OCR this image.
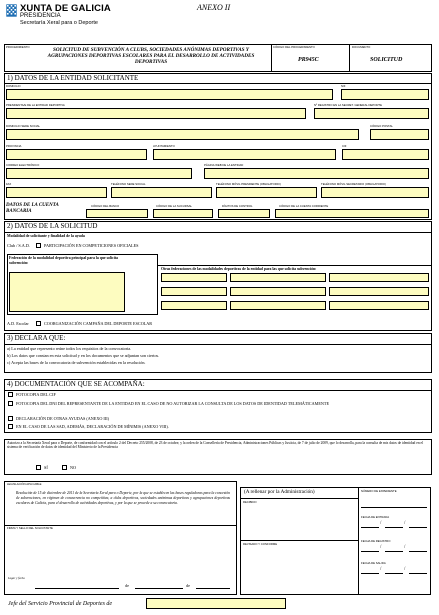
XUNTA DE GALICIA
PRESIDENCIA
Secretaría Xeral para o Deporte
ANEXO II
PROCEDIMIENTO	SOLICITUD DE SUBVENCIÓN A CLUBS, SOCIEDADES ANÓNIMAS DEPORTIVAS Y AGRUPACIONES DEPORTIVAS ESCOLARES PARA EL DESARROLLO DE ACTIVIDADES DEPORTIVAS
CÓDIGO DEL PROCEDIMIENTO
PR945C
DOCUMENTO
SOLICITUD
1) DATOS DE LA ENTIDAD SOLICITANTE
DOMICILIO	NIF
PRESIDENTA/E DE LA ENTIDAD DEPORTIVA	Nº REGISTRO EN LA SECRET. GENERAL DEPORTE
DOMICILIO SEDE SOCIAL	CÓDIGO POSTAL
PROVINCIA	AYUNTAMIENTO	CIF
CORREO ELECTRÓNICO	PÁGINA WEB DE LA ENTIDAD
FAX	TELÉFONO SEDE SOCIAL	TELÉFONO MÓVIL PRESIDENTE (OBLIGATORIO)	TELÉFONO MÓVIL SECRETARIO (OBLIGATORIO)
DATOS DE LA CUENTA BANCARIA
CÓDIGO DEL BANCO	CÓDIGO DE LA SUCURSAL	DÍGITOS DE CONTROL	CÓDIGO DE LA CUENTA CORRIENTE
2) DATOS DE LA SOLICITUD
Modalidad de solicitante y finalidad de la ayuda
Club / S.A.D.	PARTICIPACIÓN EN COMPETICIONES OFICIALES
Federación de la modalidad deportiva principal para la que solicita subvención:
Otras federaciones de las modalidades deportivas de la entidad para las que solicita subvención:
A.D. Escolar	COORGANIZACIÓN CAMPAÑA DEL DEPORTE ESCOLAR
3) DECLARA QUE:
a) La entidad que represento reúne todos los requisitos de la convocatoria.
b) Los datos que constan en esta solicitud y en los documentos que se adjuntan son ciertos.
c) Acepta las bases de la convocatoria de subvención establecidas en la resolución.
4) DOCUMENTACIÓN QUE SE ACOMPAÑA:
FOTOCOPIA DEL CIF
FOTOCOPIA DEL DNI DEL REPRESENTANTE DE LA ENTIDAD EN EL CASO DE NO AUTORIZAR LA CONSULTA DE LOS DATOS DE IDENTIDAD TELEMÁTICAMENTE
DECLARACIÓN DE OTRAS AYUDAS (ANEXO III)
EN EL CASO DE LAS SAD, ADEMÁS, DECLARACIÓN DE MÍNIMIS (ANEXO VIII).
Autorizo a la Secretaría Xeral para o Deporte, de conformidad con el artículo 2 del Decreto 255/2008, de 23 de octubre, y la orden de la Consellería de Presidencia, Administraciones Públicas y Justicia, de 7 de julio de 2009, que lo desarrolla, para la consulta de mis datos de identidad en el sistema de verificación de datos de identidad del Ministerio de la Presidencia
SÍ	NO
LEGISLACIÓN APLICABLE
Resolución de 15 de diciembre de 2011 de la Secretaría Xeral para o Deporte, por la que se establecen las bases reguladoras para la concesión de subvenciones, en régimen de concurrencia no competitiva, a clubs deportivos, sociedades anónimas deportivas y agrupaciones deportivas escolares de Galicia, para el desarrollo de actividades deportivas, y por la que se procede a su convocatoria.
FIRMA Y SELLO DEL SOLICITANTE
Lugar y fecha
de	de
(A rellenar por la Administración)
RECIBIDO
REVISADO Y CONFORME
NÚMERO DE EXPEDIENTE
FECHA DE ENTRADA
/	/
FECHA DE REGISTRO
/	/
FECHA DE SALIDA
/	/
Jefe del Servicio Provincial de Deportes de
